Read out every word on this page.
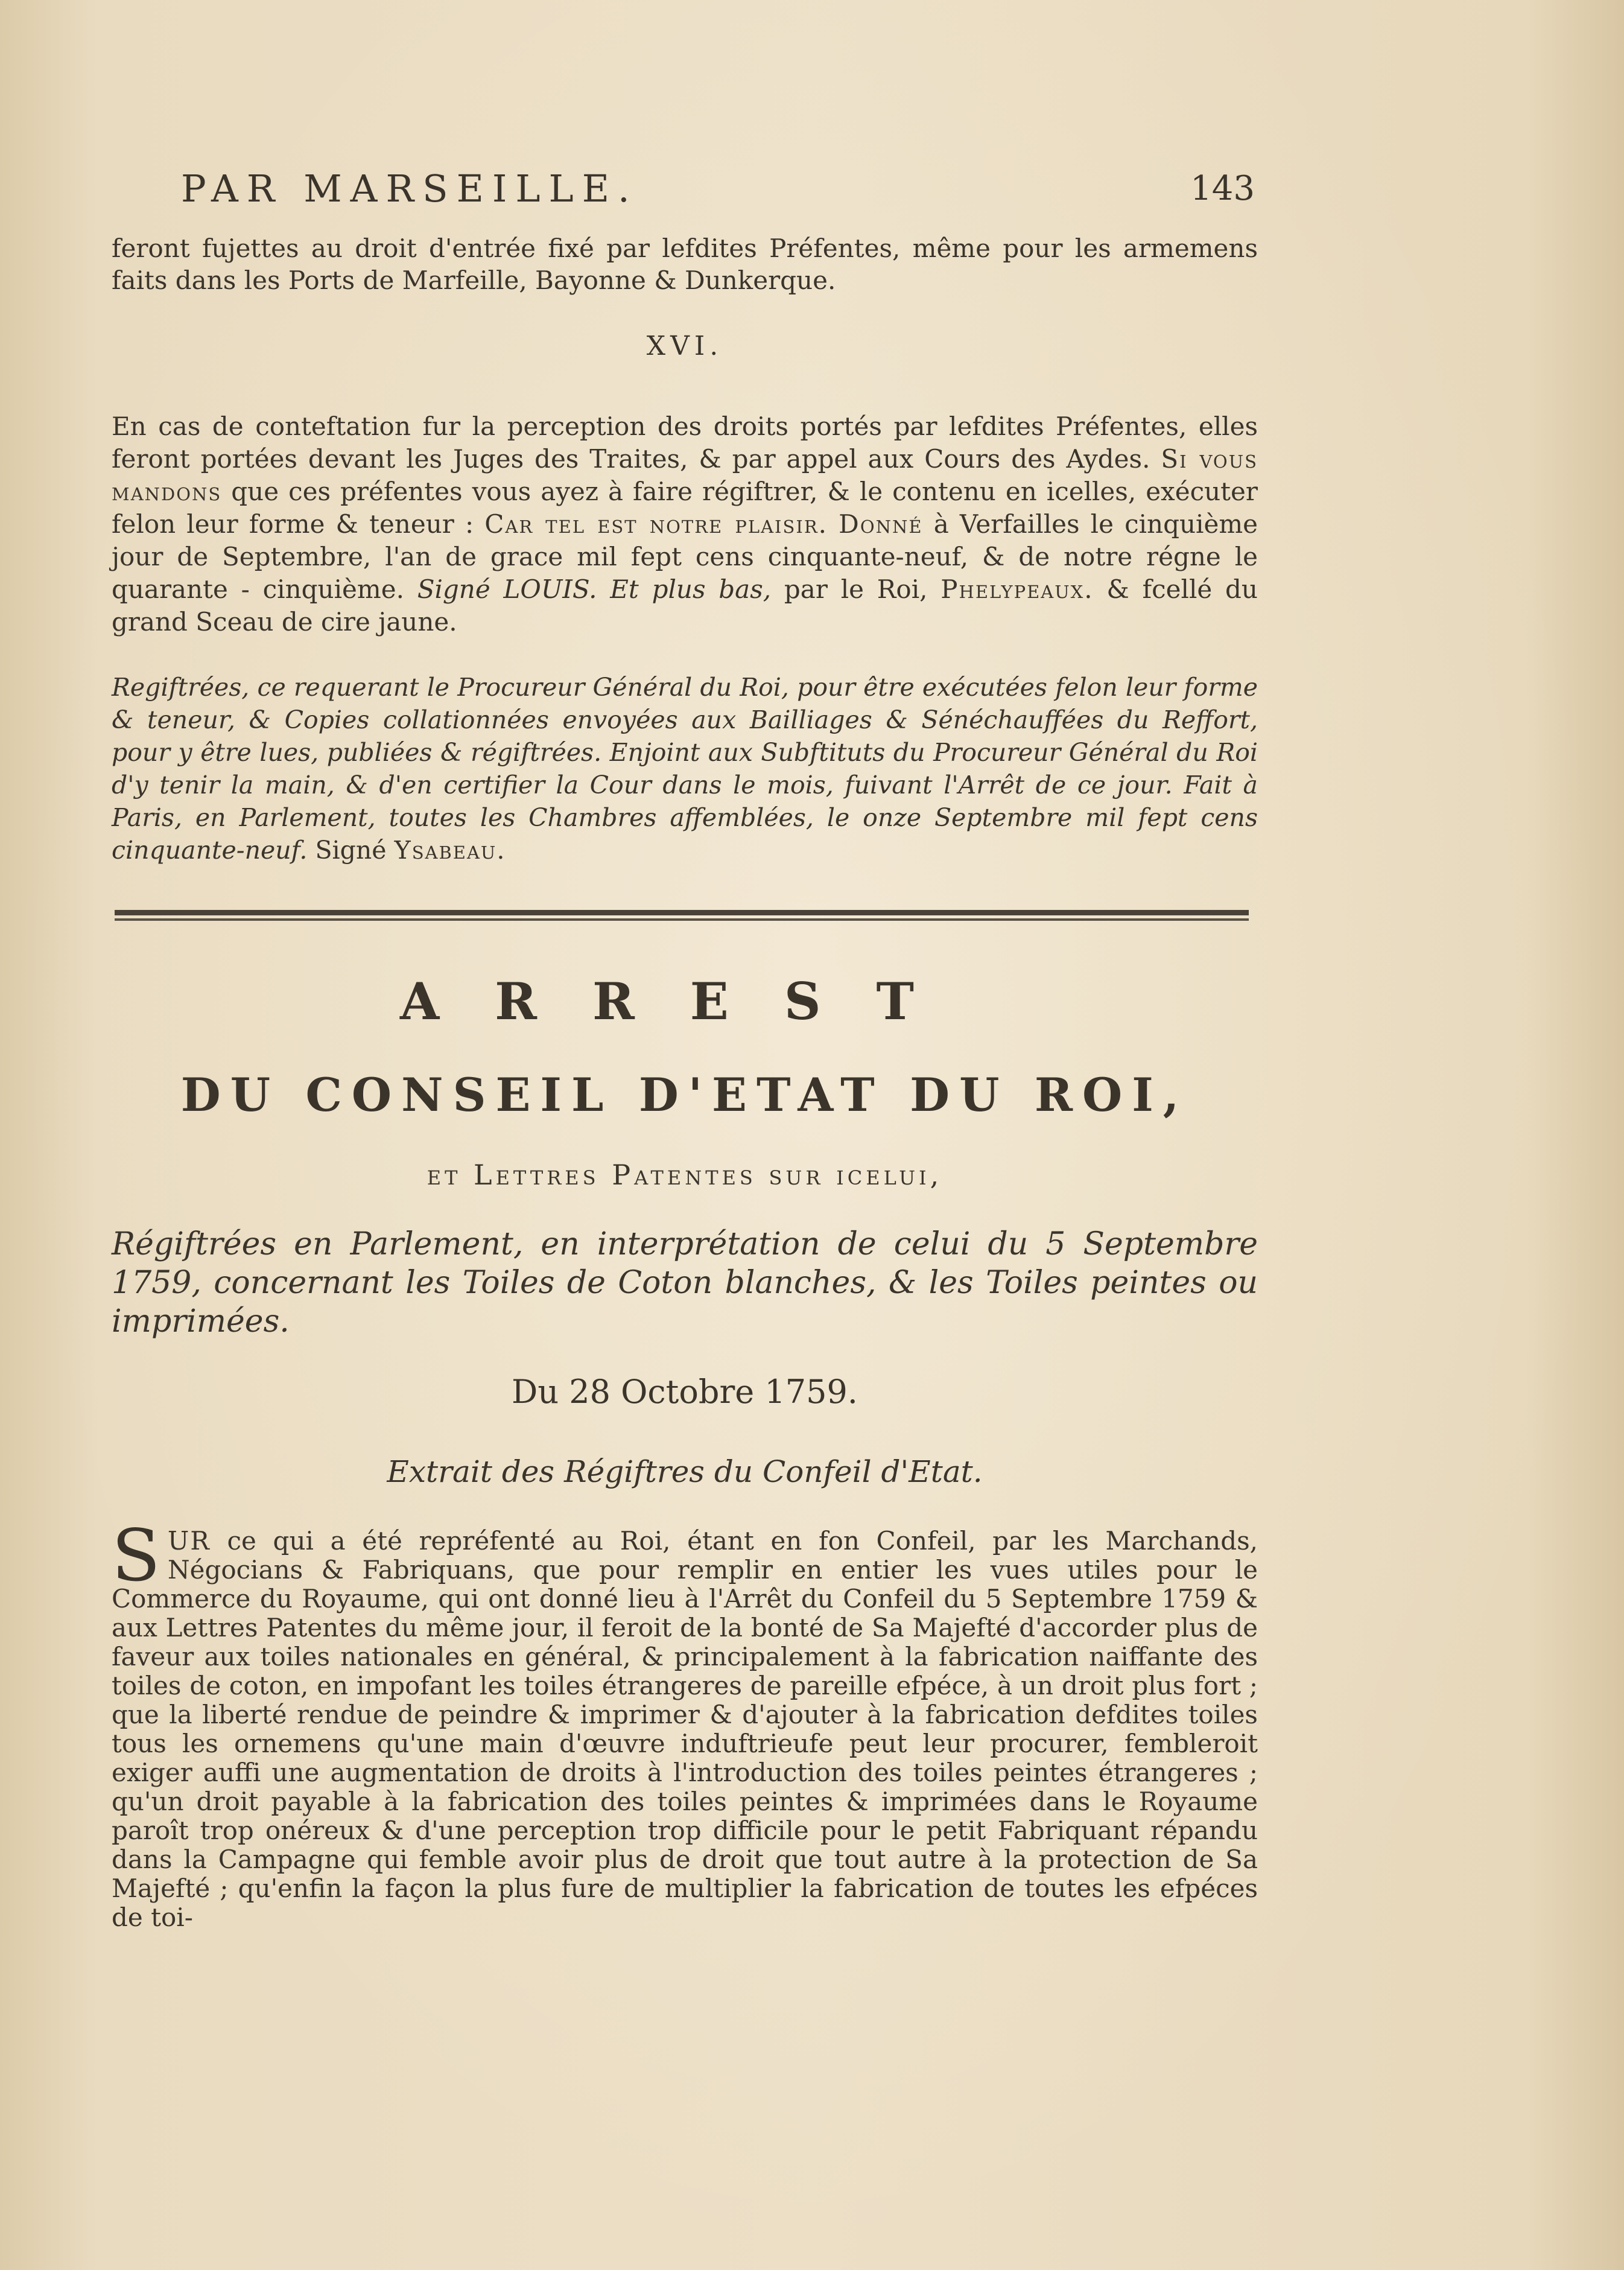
PAR MARSEILLE.	143

feront fujettes au droit d'entrée fixé par lefdites Préfentes, même pour les armemens faits dans les Ports de Marfeille, Bayonne & Dunkerque.

XVI.

En cas de conteftation fur la perception des droits portés par lefdites Préfentes, elles feront portées devant les Juges des Traites, & par appel aux Cours des Aydes. Si vous mandons que ces préfentes vous ayez à faire régiftrer, & le contenu en icelles, exécuter felon leur forme & teneur : Car tel est notre plaisir. Donné à Verfailles le cinquième jour de Septembre, l'an de grace mil fept cens cinquante-neuf, & de notre régne le quarante - cinquième. Signé LOUIS. Et plus bas, par le Roi, Phelypeaux. & fcellé du grand Sceau de cire jaune.

Regiftrées, ce requerant le Procureur Général du Roi, pour être exécutées felon leur forme & teneur, & Copies collationnées envoyées aux Bailliages & Sénéchauffées du Reffort, pour y être lues, publiées & régiftrées. Enjoint aux Subftituts du Procureur Général du Roi d'y tenir la main, & d'en certifier la Cour dans le mois, fuivant l'Arrêt de ce jour. Fait à Paris, en Parlement, toutes les Chambres affemblées, le onze Septembre mil fept cens cinquante-neuf. Signé Ysabeau.

ARREST
DU CONSEIL D'ETAT DU ROI,
et Lettres Patentes sur icelui,
Régiftrées en Parlement, en interprétation de celui du 5 Septembre 1759, concernant les Toiles de Coton blanches, & les Toiles peintes ou imprimées.
Du 28 Octobre 1759.
Extrait des Régiftres du Confeil d'Etat.
S UR ce qui a été repréfenté au Roi, étant en fon Confeil, par les Marchands, Négocians & Fabriquans, que pour remplir en entier les vues utiles pour le Commerce du Royaume, qui ont donné lieu à l'Arrêt du Confeil du 5 Septembre 1759 & aux Lettres Patentes du même jour, il feroit de la bonté de Sa Majefté d'accorder plus de faveur aux toiles nationales en général, & principalement à la fabrication naiffante des toiles de coton, en impofant les toiles étrangeres de pareille efpéce, à un droit plus fort ; que la liberté rendue de peindre & imprimer & d'ajouter à la fabrication defdites toiles tous les ornemens qu'une main d'œuvre induftrieufe peut leur procurer, fembleroit exiger auffi une augmentation de droits à l'introduction des toiles peintes étrangeres ; qu'un droit payable à la fabrication des toiles peintes & imprimées dans le Royaume paroît trop onéreux & d'une perception trop difficile pour le petit Fabriquant répandu dans la Campagne qui femble avoir plus de droit que tout autre à la protection de Sa Majefté ; qu'enfin la façon la plus fure de multiplier la fabrication de toutes les efpéces de toi-
